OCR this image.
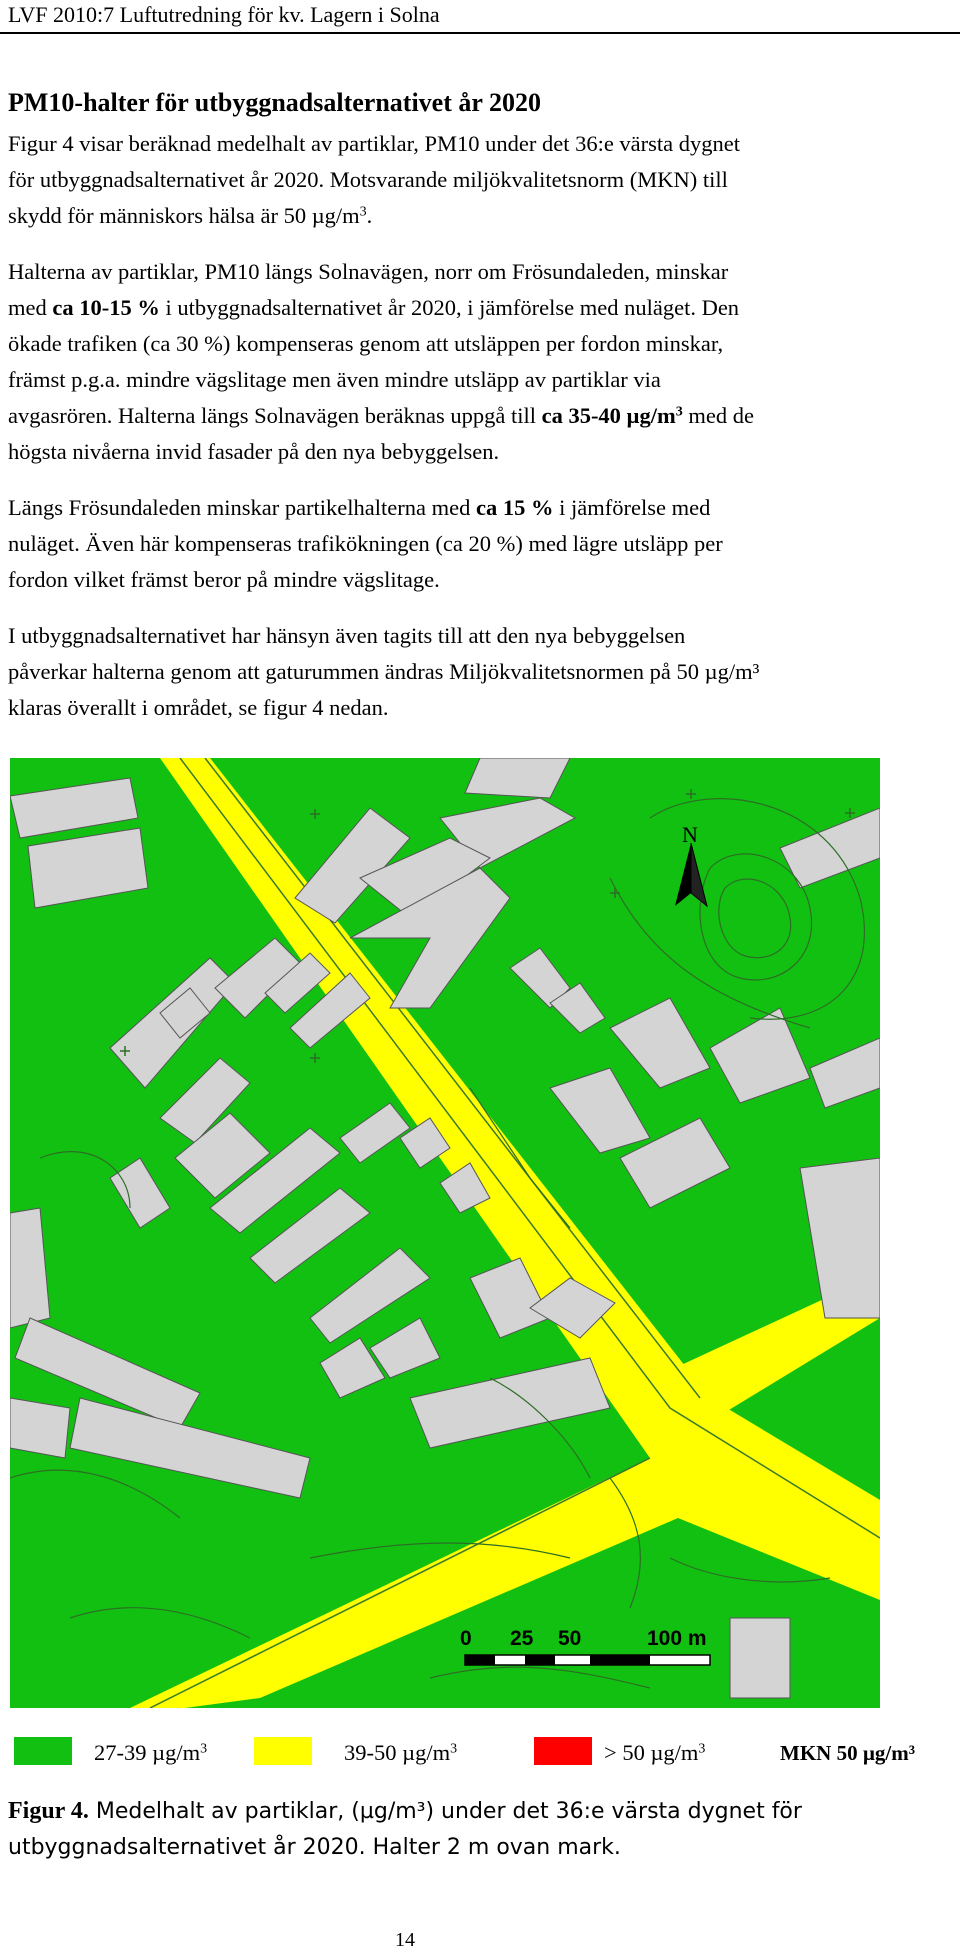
LVF 2010:7 Luftutredning för kv. Lagern i Solna
PM10-halter för utbyggnadsalternativet år 2020

Figur 4 visar beräknad medelhalt av partiklar, PM10 under det 36:e värsta dygnet
för utbyggnadsalternativet år 2020. Motsvarande miljökvalitetsnorm (MKN) till
skydd för människors hälsa är 50 $\mu g/m^3$.

Halterna av partiklar, PM10 längs Solnavägen, norr om Frösundaleden, minskar
med ca 10-15 % i utbyggnadsalternativet år 2020, i jämförelse med nuläget. Den
ökade trafiken (ca 30 %) kompenseras genom att utsläppen per fordon minskar,
främst p.g.a. mindre vägslitage men även mindre utsläpp av partiklar via
avgasrören. Halterna längs Solnavägen beräknas uppgå till ca 35-40 $\mu g/m^3$ med de
högsta nivåerna invid fasader på den nya bebyggelsen.

Längs Frösundaleden minskar partikelhalterna med ca 15 % i jämförelse med
nuläget. Även här kompenseras trafikökningen (ca 20 %) med lägre utsläpp per
fordon vilket främst beror på mindre vägslitage.

I utbyggnadsalternativet har hänsyn även tagits till att den nya bebyggelsen
påverkar halterna genom att gaturummen ändras Miljökvalitetsnormen på 50 µg/m³
klaras överallt i området, se figur 4 nedan.

N
0 25 50	100 m
27-39 $\mu g/m^3$	39-50 $\mu g/m^3$	> 50 $\mu g/m^3$	MKN 50 µg/m³
Figur 4. Medelhalt av partiklar, (µg/m³) under det 36:e värsta dygnet för
utbyggnadsalternativet år 2020. Halter 2 m ovan mark.
14
